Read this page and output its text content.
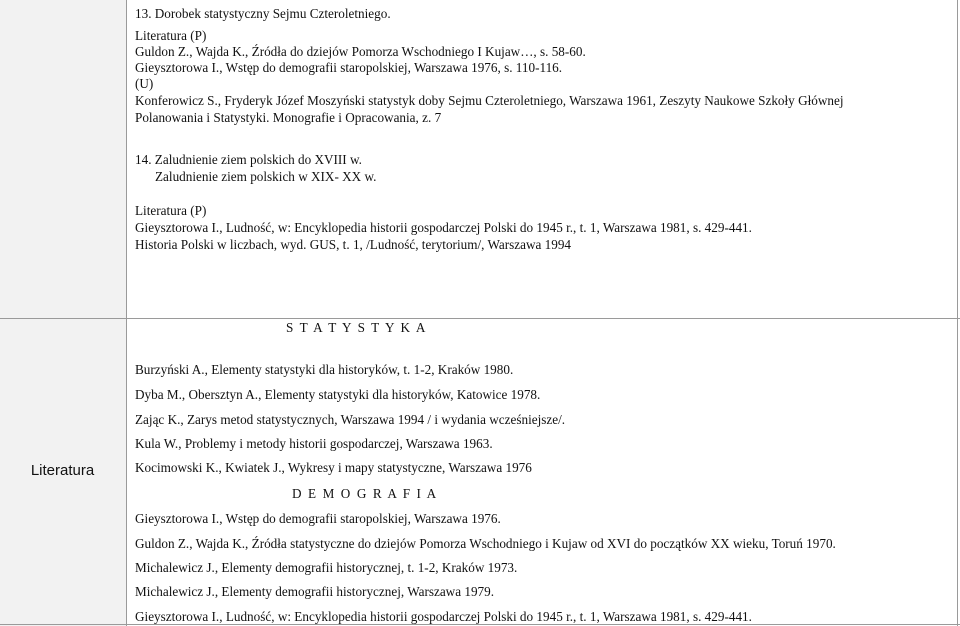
13. Dorobek statystyczny Sejmu Czteroletniego.
Literatura (P)
Guldon Z., Wajda K., Źródła do dziejów Pomorza Wschodniego I Kujaw…, s. 58-60.
Gieysztorowa I., Wstęp do demografii staropolskiej, Warszawa 1976, s. 110-116.
(U)
Konferowicz S., Fryderyk Józef Moszyński statystyk doby Sejmu Czteroletniego, Warszawa 1961, Zeszyty Naukowe Szkoły Głównej
Polanowania i Statystyki. Monografie i Opracowania, z. 7
14. Zaludnienie ziem polskich do XVIII w.
Zaludnienie ziem polskich w XIX- XX w.
Literatura (P)
Gieysztorowa I., Ludność, w: Encyklopedia historii gospodarczej Polski do 1945 r., t. 1, Warszawa 1981, s. 429-441.
Historia Polski w liczbach, wyd. GUS, t. 1, /Ludność, terytorium/, Warszawa 1994
Literatura
S T A T Y S T Y K A
Burzyński A., Elementy statystyki dla historyków, t. 1-2, Kraków 1980.
Dyba M., Obersztyn A., Elementy statystyki dla historyków, Katowice 1978.
Zając K., Zarys metod statystycznych, Warszawa 1994 / i wydania wcześniejsze/.
Kula W., Problemy i metody historii gospodarczej, Warszawa 1963.
Kocimowski K., Kwiatek J., Wykresy i mapy statystyczne, Warszawa 1976
D E M O G R A F I A
Gieysztorowa I., Wstęp do demografii staropolskiej, Warszawa 1976.
Guldon Z., Wajda K., Źródła statystyczne do dziejów Pomorza Wschodniego i Kujaw od XVI do początków XX wieku, Toruń 1970.
Michalewicz J., Elementy demografii historycznej, t. 1-2, Kraków 1973.
Michalewicz J., Elementy demografii historycznej, Warszawa 1979.
Gieysztorowa I., Ludność, w: Encyklopedia historii gospodarczej Polski do 1945 r., t. 1, Warszawa 1981, s. 429-441.
